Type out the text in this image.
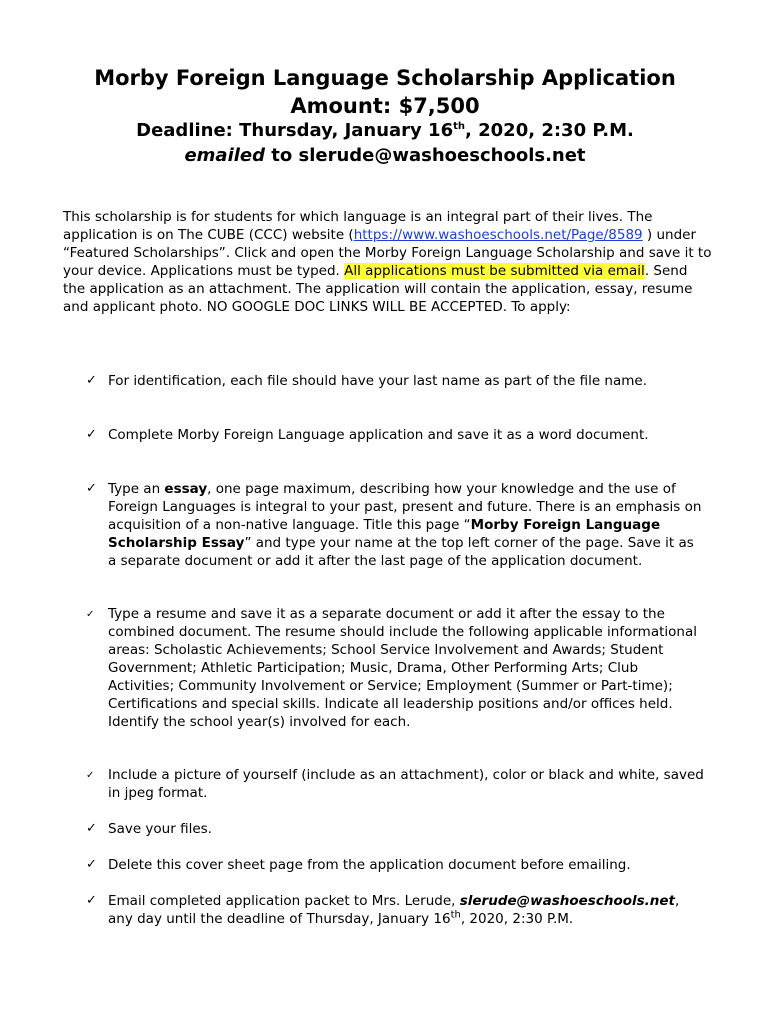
Morby Foreign Language Scholarship Application
Amount: $7,500
Deadline: Thursday, January 16th, 2020, 2:30 P.M.
emailed to slerude@washoeschools.net

This scholarship is for students for which language is an integral part of their lives. The application is on The CUBE (CCC) website (https://www.washoeschools.net/Page/8589 ) under “Featured Scholarships”. Click and open the Morby Foreign Language Scholarship and save it to your device. Applications must be typed. All applications must be submitted via email. Send the application as an attachment. The application will contain the application, essay, resume and applicant photo. NO GOOGLE DOC LINKS WILL BE ACCEPTED. To apply:

✓ For identification, each file should have your last name as part of the file name.
✓ Complete Morby Foreign Language application and save it as a word document.
✓ Type an essay, one page maximum, describing how your knowledge and the use of Foreign Languages is integral to your past, present and future. There is an emphasis on acquisition of a non-native language. Title this page “Morby Foreign Language Scholarship Essay” and type your name at the top left corner of the page. Save it as a separate document or add it after the last page of the application document.
✓	Type a resume and save it as a separate document or add it after the essay to the combined document. The resume should include the following applicable informational areas: Scholastic Achievements; School Service Involvement and Awards; Student Government; Athletic Participation; Music, Drama, Other Performing Arts; Club Activities; Community Involvement or Service; Employment (Summer or Part-time); Certifications and special skills. Indicate all leadership positions and/or offices held. Identify the school year(s) involved for each.
✓	Include a picture of yourself (include as an attachment), color or black and white, saved in jpeg format.
✓ Save your files.
✓ Delete this cover sheet page from the application document before emailing.
✓ Email completed application packet to Mrs. Lerude, slerude@washoeschools.net, any day until the deadline of Thursday, January 16th, 2020, 2:30 P.M.
